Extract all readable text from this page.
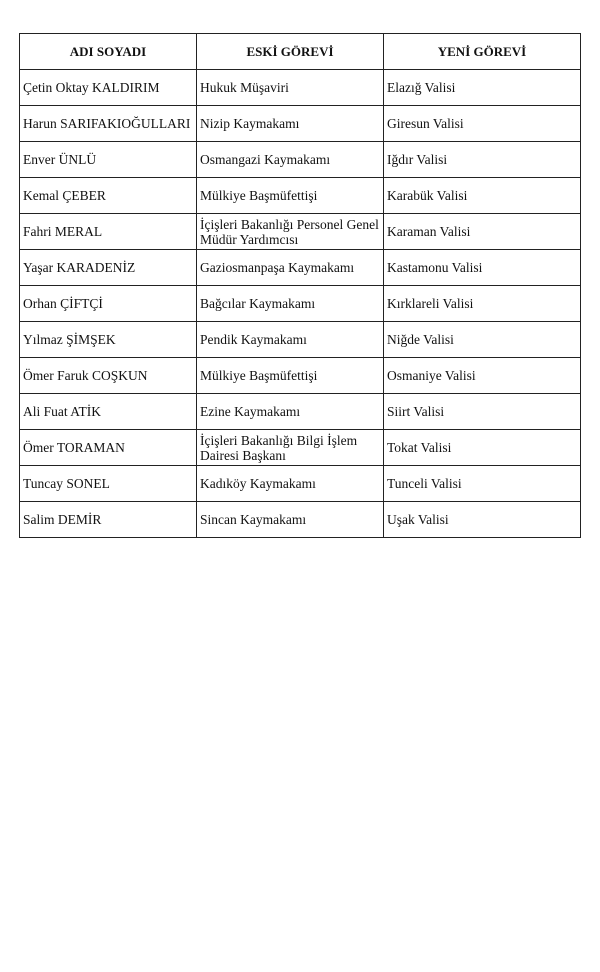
ADI SOYADI	ESKİ GÖREVİ	YENİ GÖREVİ
Çetin Oktay KALDIRIM	Hukuk Müşaviri	Elazığ Valisi
Harun SARIFAKIOĞULLARI	Nizip Kaymakamı	Giresun Valisi
Enver ÜNLÜ	Osmangazi Kaymakamı	Iğdır Valisi
Kemal ÇEBER	Mülkiye Başmüfettişi	Karabük Valisi
Fahri MERAL	İçişleri Bakanlığı Personel Genel Müdür Yardımcısı	Karaman Valisi
Yaşar KARADENİZ	Gaziosmanpaşa Kaymakamı	Kastamonu Valisi
Orhan ÇİFTÇİ	Bağcılar Kaymakamı	Kırklareli Valisi
Yılmaz ŞİMŞEK	Pendik Kaymakamı	Niğde Valisi
Ömer Faruk COŞKUN	Mülkiye Başmüfettişi	Osmaniye Valisi
Ali Fuat ATİK	Ezine Kaymakamı	Siirt Valisi
Ömer TORAMAN	İçişleri Bakanlığı Bilgi İşlem Dairesi Başkanı	Tokat Valisi
Tuncay SONEL	Kadıköy Kaymakamı	Tunceli Valisi
Salim DEMİR	Sincan Kaymakamı	Uşak Valisi
